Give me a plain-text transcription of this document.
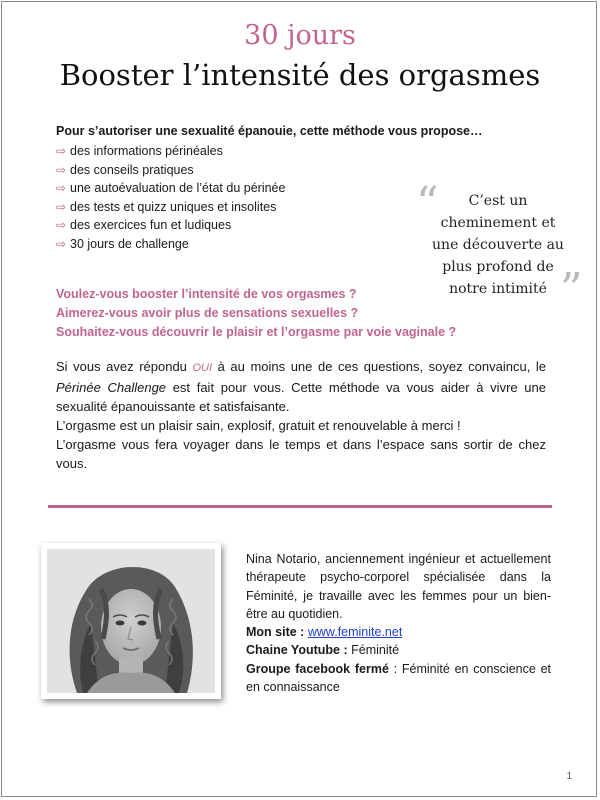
30 jours
Booster l’intensité des orgasmes
Pour s’autoriser une sexualité épanouie, cette méthode vous propose…
⇨ des informations périnéales
⇨ des conseils pratiques
⇨ une autoévaluation de l’état du périnée
⇨ des tests et quizz uniques et insolites
⇨ des exercices fun et ludiques
⇨ 30 jours de challenge
“	C’est un
cheminement et
une découverte au
plus profond de
notre intimité ”
Voulez-vous booster l’intensité de vos orgasmes ?
Aimerez-vous avoir plus de sensations sexuelles ?
Souhaitez-vous découvrir le plaisir et l’orgasme par voie vaginale ?

Si vous avez répondu OUI à au moins une de ces questions, soyez convaincu, le Périnée Challenge est fait pour vous. Cette méthode va vous aider à vivre une sexualité épanouissante et satisfaisante.

L’orgasme est un plaisir sain, explosif, gratuit et renouvelable à merci !

L’orgasme vous fera voyager dans le temps et dans l’espace sans sortir de chez vous.

Nina Notario, anciennement ingénieur et actuellement thérapeute psycho-corporel spécialisée dans la Féminité, je travaille avec les femmes pour un bien-être au quotidien.

Mon site : www.feminite.net

Chaine Youtube : Féminité

Groupe facebook fermé : Féminité en conscience et en connaissance

1
